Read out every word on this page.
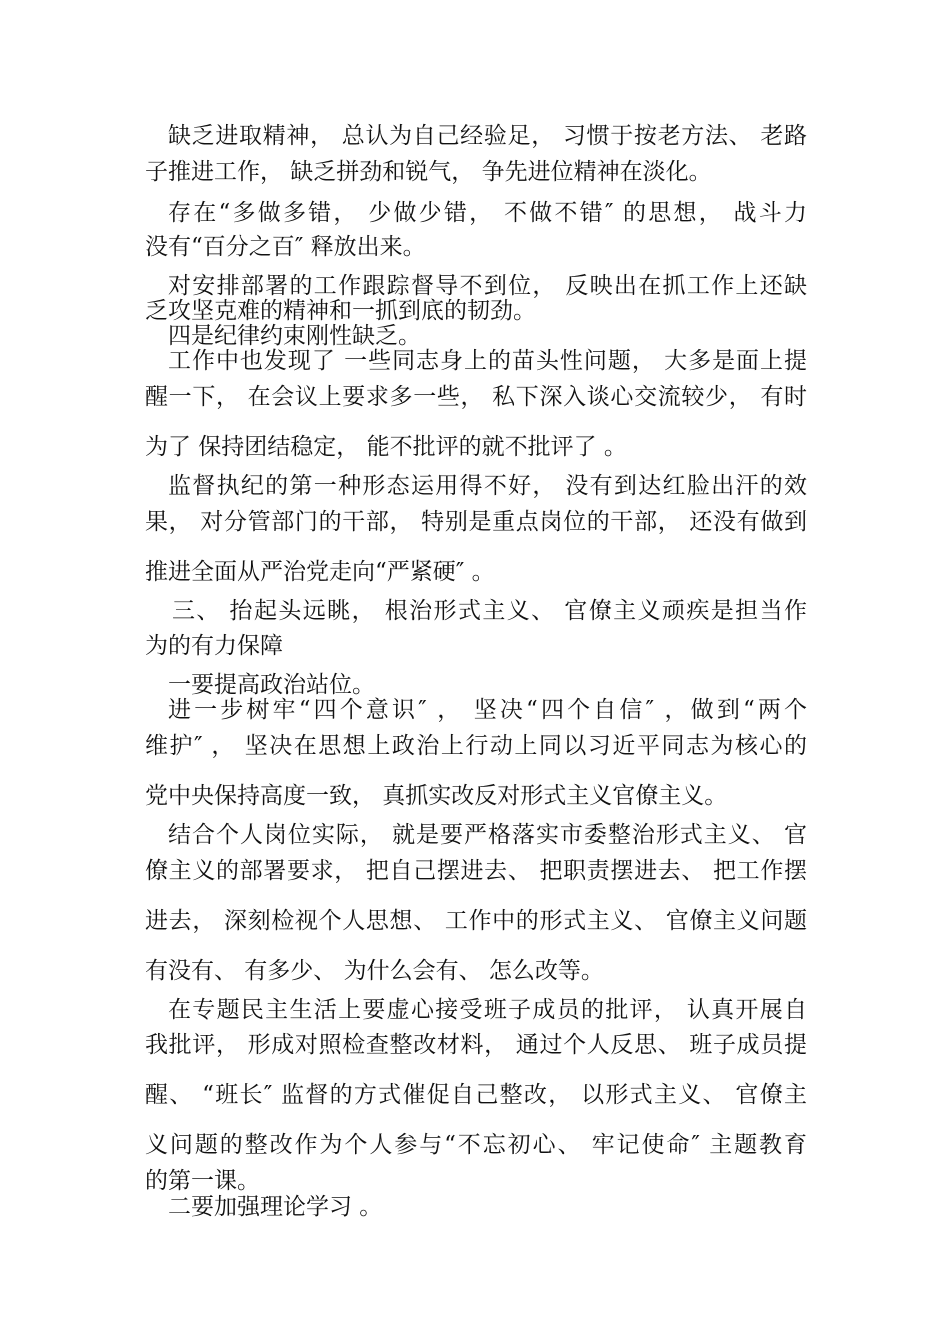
缺乏进取精神， 总认为自己经验足， 习惯于按老方法、 老路
子推进工作， 缺乏拼劲和锐气， 争先进位精神在淡化。
存在“多做多错， 少做少错， 不做不错″ 的思想， 战斗力
没有“百分之百″ 释放出来。
对安排部署的工作跟踪督导不到位， 反映出在抓工作上还缺
乏攻坚克难的精神和一抓到底的韧劲。
四是纪律约束刚性缺乏。
工作中也发现了 一些同志身上的苗头性问题， 大多是面上提
醒一下， 在会议上要求多一些， 私下深入谈心交流较少， 有时
为了 保持团结稳定， 能不批评的就不批评了 。
监督执纪的第一种形态运用得不好， 没有到达红脸出汗的效
果， 对分管部门的干部， 特别是重点岗位的干部， 还没有做到
推进全面从严治党走向“严紧硬″ 。
三、 抬起头远眺， 根治形式主义、 官僚主义顽疾是担当作
为的有力保障
一要提高政治站位。
进一步树牢“四个意识″ ， 坚决“四个自信″ ，做到“两个
维护″ ， 坚决在思想上政治上行动上同以习近平同志为核心的
党中央保持高度一致， 真抓实改反对形式主义官僚主义。
结合个人岗位实际， 就是要严格落实市委整治形式主义、 官
僚主义的部署要求， 把自己摆进去、 把职责摆进去、 把工作摆
进去， 深刻检视个人思想、 工作中的形式主义、 官僚主义问题
有没有、 有多少、 为什么会有、 怎么改等。
在专题民主生活上要虚心接受班子成员的批评， 认真开展自
我批评， 形成对照检查整改材料， 通过个人反思、 班子成员提
醒、 “班长″ 监督的方式催促自己整改， 以形式主义、 官僚主
义问题的整改作为个人参与“不忘初心、 牢记使命″ 主题教育
的第一课。
二要加强理论学习 。
